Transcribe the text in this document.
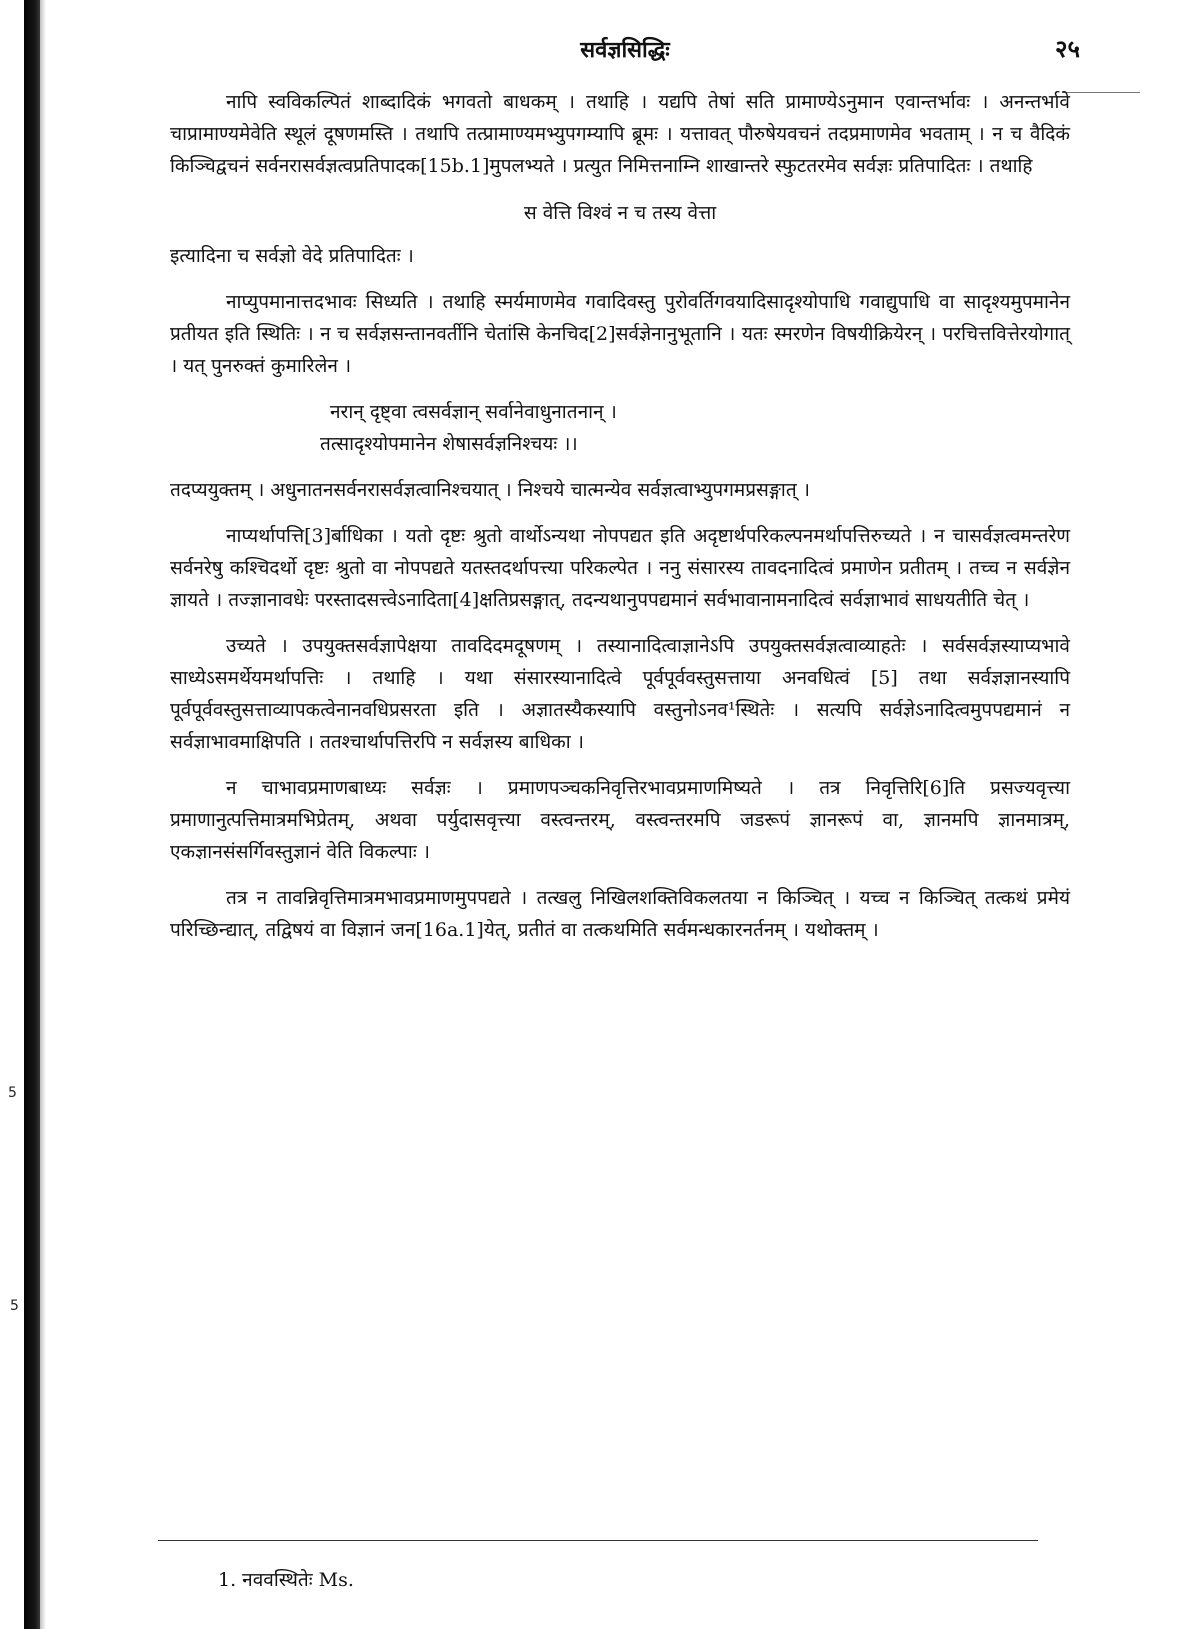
5
5
सर्वज्ञसिद्धिः	२५

नापि स्वविकल्पितं शाब्दादिकं भगवतो बाधकम् । तथाहि । यद्यपि तेषां सति प्रामाण्येऽनुमान एवान्तर्भावः । अनन्तर्भावे चाप्रामाण्यमेवेति स्थूलं दूषणमस्ति । तथापि तत्प्रामाण्यमभ्युपगम्यापि ब्रूमः । यत्तावत् पौरुषेयवचनं तदप्रमाणमेव भवताम् । न च वैदिकं किञ्चिद्वचनं सर्वनरासर्वज्ञत्वप्रतिपादक[15b.1]मुपलभ्यते । प्रत्युत निमित्तनाम्नि शाखान्तरे स्फुटतरमेव सर्वज्ञः प्रतिपादितः । तथाहि

स वेत्ति विश्वं न च तस्य वेत्ता

इत्यादिना च सर्वज्ञो वेदे प्रतिपादितः ।

नाप्युपमानात्तदभावः सिध्यति । तथाहि स्मर्यमाणमेव गवादिवस्तु पुरोवर्तिगवयादिसादृश्योपाधि गवाद्युपाधि वा सादृश्यमुपमानेन प्रतीयत इति स्थितिः । न च सर्वज्ञसन्तानवर्तीनि चेतांसि केनचिद[2]सर्वज्ञेनानुभूतानि । यतः स्मरणेन विषयीक्रियेरन् । परचित्तवित्तेरयोगात् । यत् पुनरुक्तं कुमारिलेन ।

नरान् दृष्ट्वा त्वसर्वज्ञान् सर्वानेवाधुनातनान् ।
तत्सादृश्योपमानेन शेषासर्वज्ञनिश्चयः ।।

तदप्ययुक्तम् । अधुनातनसर्वनरासर्वज्ञत्वानिश्चयात् । निश्चये चात्मन्येव सर्वज्ञत्वाभ्युपगमप्रसङ्गात् ।

नाप्यर्थापत्ति[3]र्बाधिका । यतो दृष्टः श्रुतो वार्थोऽन्यथा नोपपद्यत इति अदृष्टार्थपरिकल्पनमर्थापत्तिरुच्यते । न चासर्वज्ञत्वमन्तरेण सर्वनरेषु कश्चिदर्थो दृष्टः श्रुतो वा नोपपद्यते यतस्तदर्थापत्त्या परिकल्पेत । ननु संसारस्य तावदनादित्वं प्रमाणेन प्रतीतम् । तच्च न सर्वज्ञेन ज्ञायते । तज्ज्ञानावधेः परस्तादसत्त्वेऽनादिता[4]क्षतिप्रसङ्गात्, तदन्यथानुपपद्यमानं सर्वभावानामनादित्वं सर्वज्ञाभावं साधयतीति चेत् ।

उच्यते । उपयुक्तसर्वज्ञापेक्षया तावदिदमदूषणम् । तस्यानादित्वाज्ञानेऽपि उपयुक्तसर्वज्ञत्वाव्याहतेः । सर्वसर्वज्ञस्याप्यभावे साध्येऽसमर्थेयमर्थापत्तिः । तथाहि । यथा संसारस्यानादित्वे पूर्वपूर्ववस्तुसत्ताया अनवधित्वं [5] तथा सर्वज्ञज्ञानस्यापि पूर्वपूर्ववस्तुसत्ताव्यापकत्वेनानवधिप्रसरता इति । अज्ञातस्यैकस्यापि वस्तुनोऽनव¹स्थितेः । सत्यपि सर्वज्ञेऽनादित्वमुपपद्यमानं न सर्वज्ञाभावमाक्षिपति । ततश्चार्थापत्तिरपि न सर्वज्ञस्य बाधिका ।

न चाभावप्रमाणबाध्यः सर्वज्ञः । प्रमाणपञ्चकनिवृत्तिरभावप्रमाणमिष्यते । तत्र निवृत्तिरि[6]ति प्रसज्यवृत्त्या प्रमाणानुत्पत्तिमात्रमभिप्रेतम्, अथवा पर्युदासवृत्त्या वस्त्वन्तरम्, वस्त्वन्तरमपि जडरूपं ज्ञानरूपं वा, ज्ञानमपि ज्ञानमात्रम्, एकज्ञानसंसर्गिवस्तुज्ञानं वेति विकल्पाः ।

तत्र न तावन्निवृत्तिमात्रमभावप्रमाणमुपपद्यते । तत्खलु निखिलशक्तिविकलतया न किञ्चित् । यच्च न किञ्चित् तत्कथं प्रमेयं परिच्छिन्द्यात्, तद्विषयं वा विज्ञानं जन[16a.1]येत्, प्रतीतं वा तत्कथमिति सर्वमन्धकारनर्तनम् । यथोक्तम् ।

1. नववस्थितेः Ms.
